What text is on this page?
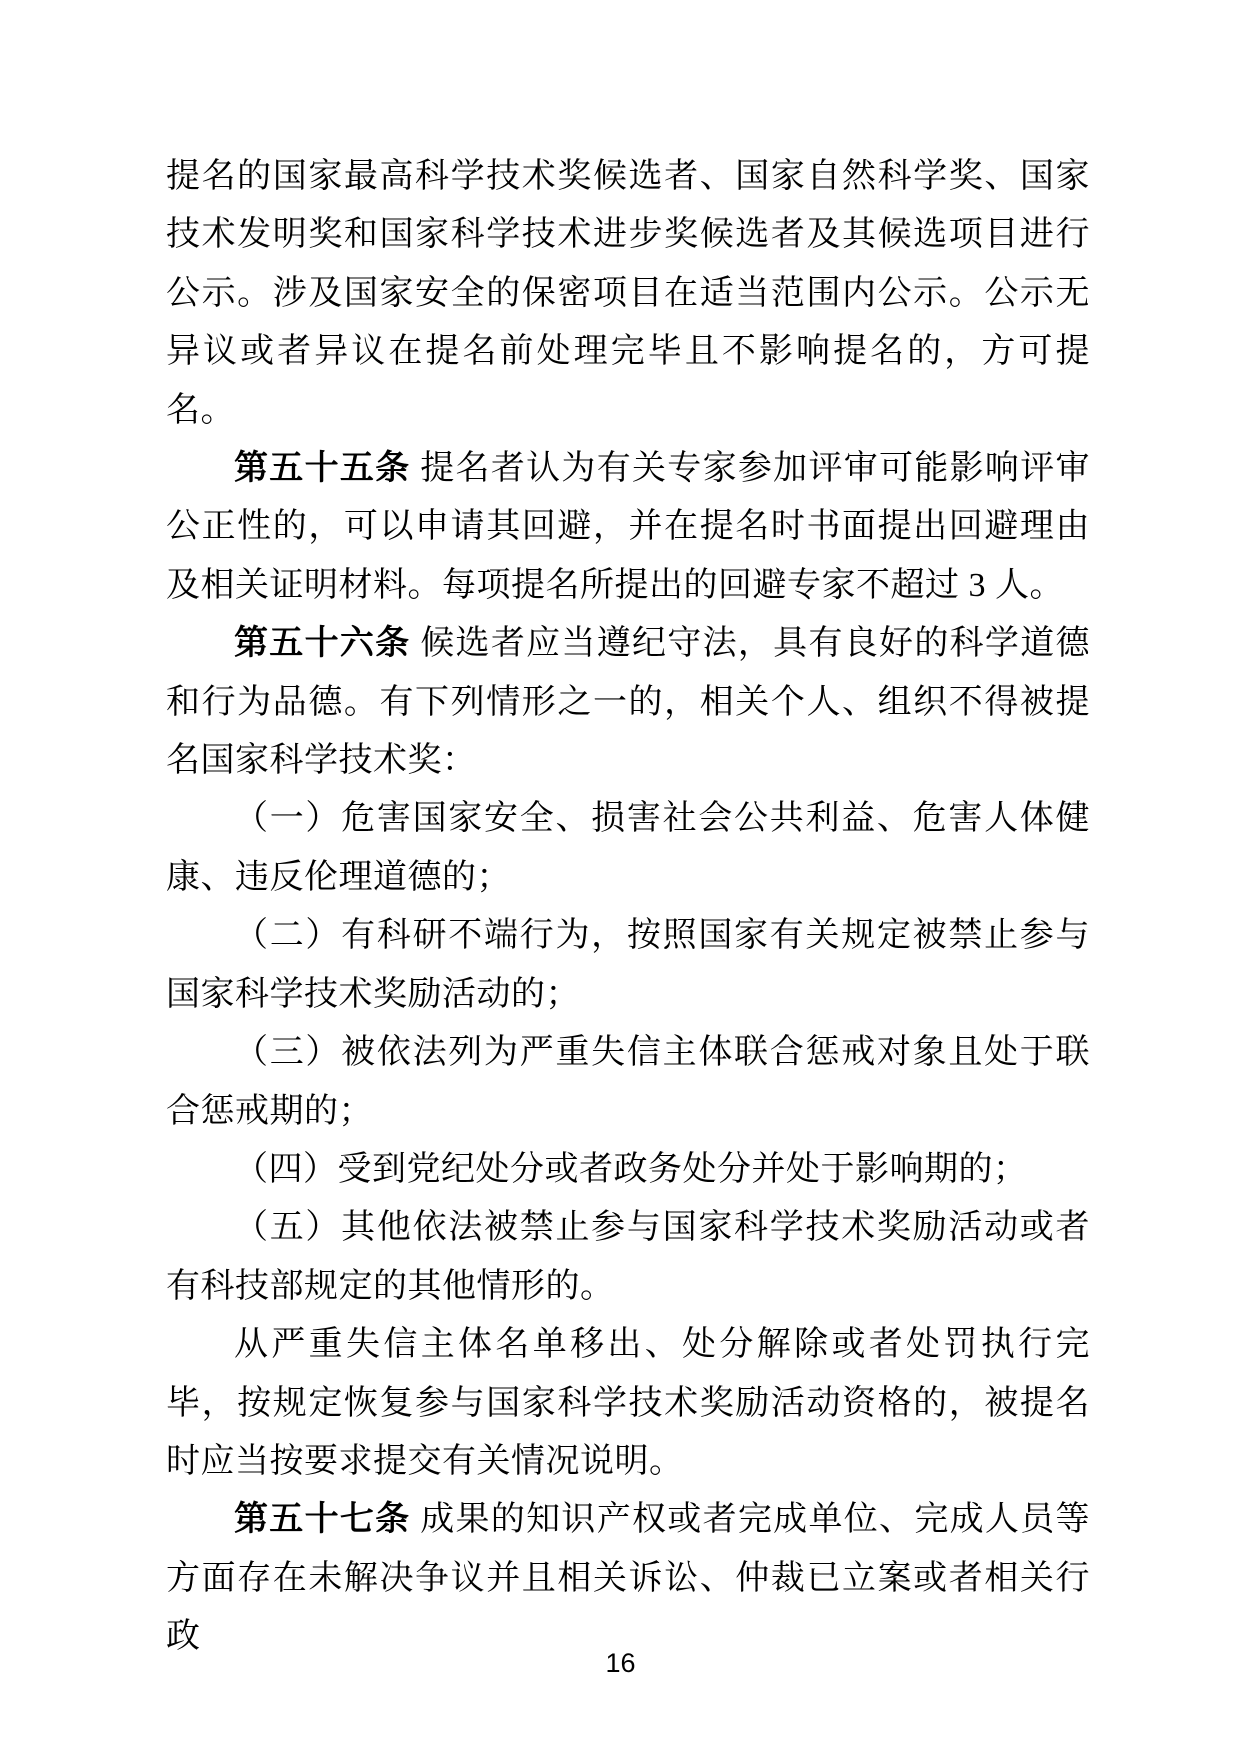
提名的国家最高科学技术奖候选者、国家自然科学奖、国家技术发明奖和国家科学技术进步奖候选者及其候选项目进行公示。涉及国家安全的保密项目在适当范围内公示。公示无异议或者异议在提名前处理完毕且不影响提名的，方可提名。

第五十五条 提名者认为有关专家参加评审可能影响评审公正性的，可以申请其回避，并在提名时书面提出回避理由及相关证明材料。每项提名所提出的回避专家不超过 3 人。

第五十六条 候选者应当遵纪守法，具有良好的科学道德和行为品德。有下列情形之一的，相关个人、组织不得被提名国家科学技术奖：

（一）危害国家安全、损害社会公共利益、危害人体健康、违反伦理道德的；

（二）有科研不端行为，按照国家有关规定被禁止参与国家科学技术奖励活动的；

（三）被依法列为严重失信主体联合惩戒对象且处于联合惩戒期的；

（四）受到党纪处分或者政务处分并处于影响期的；

（五）其他依法被禁止参与国家科学技术奖励活动或者有科技部规定的其他情形的。

从严重失信主体名单移出、处分解除或者处罚执行完毕，按规定恢复参与国家科学技术奖励活动资格的，被提名时应当按要求提交有关情况说明。

第五十七条 成果的知识产权或者完成单位、完成人员等方面存在未解决争议并且相关诉讼、仲裁已立案或者相关行政

16
